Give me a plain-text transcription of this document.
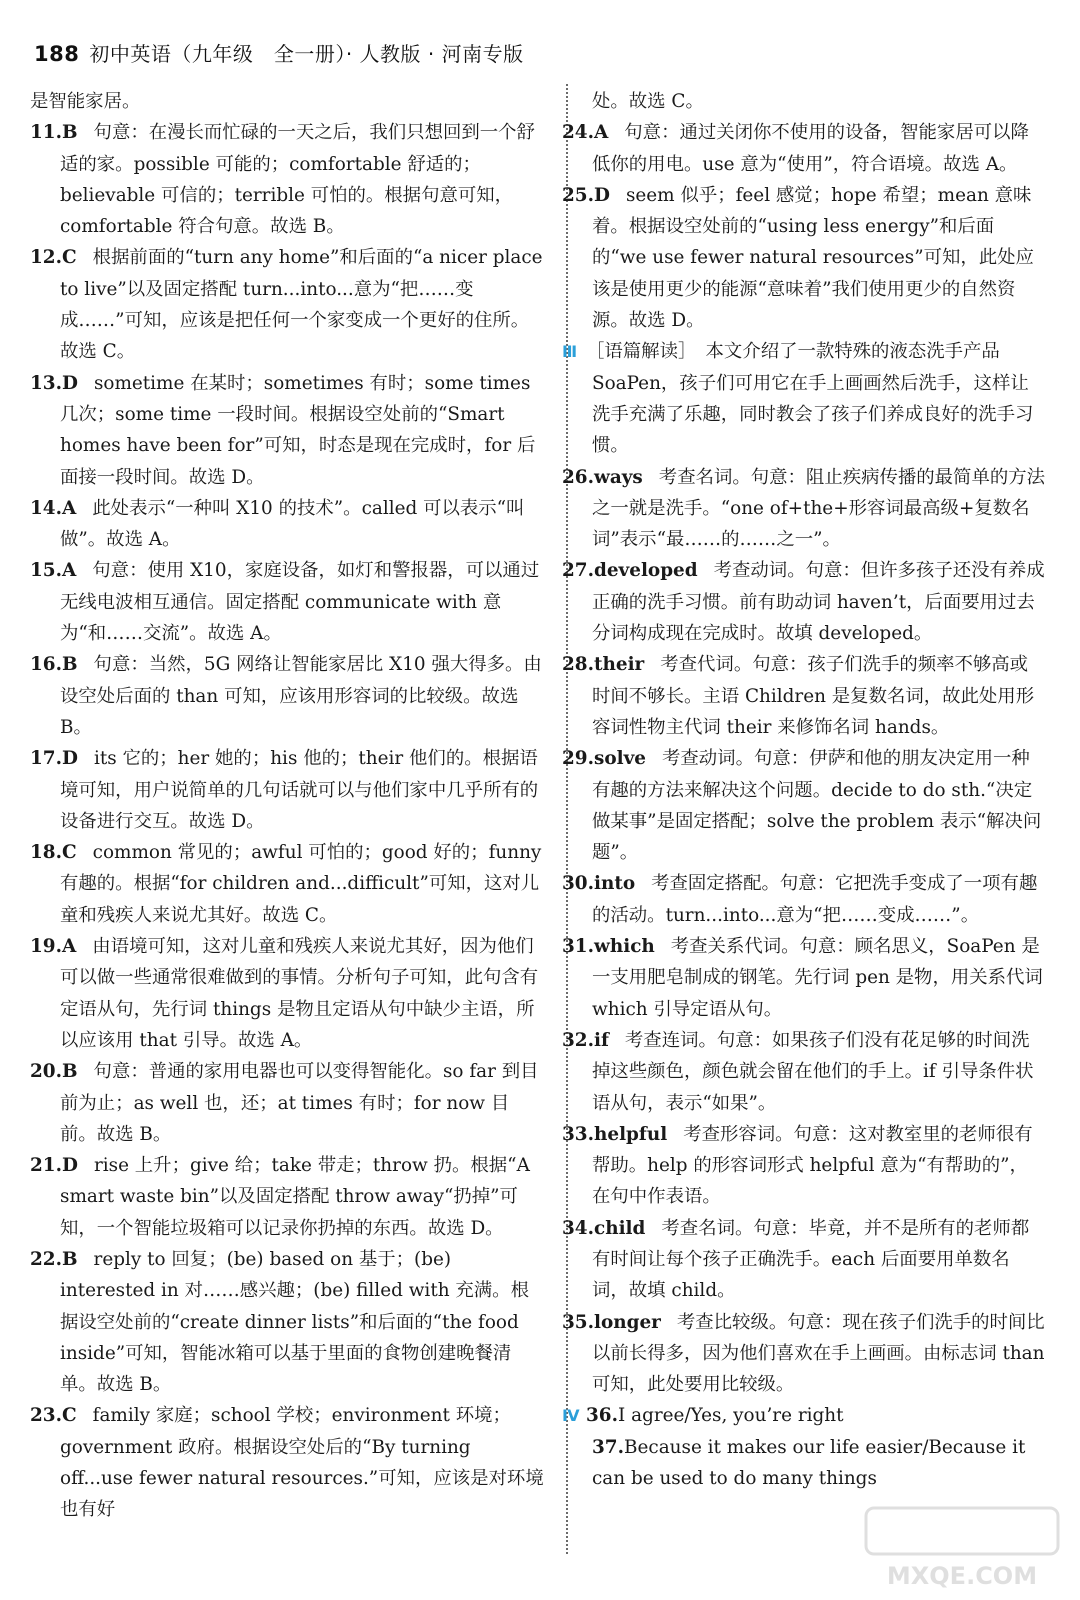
188 初中英语（九年级　全一册）· 人教版 · 河南专版

是智能家居。

11.B 句意：在漫长而忙碌的一天之后，我们只想回到一个舒适的家。possible 可能的；comfortable 舒适的；believable 可信的；terrible 可怕的。根据句意可知，comfortable 符合句意。故选 B。

12.C 根据前面的“turn any home”和后面的“a nicer place to live”以及固定搭配 turn...into...意为“把……变成……”可知，应该是把任何一个家变成一个更好的住所。故选 C。

13.D sometime 在某时；sometimes 有时；some times 几次；some time 一段时间。根据设空处前的“Smart homes have been for”可知，时态是现在完成时，for 后面接一段时间。故选 D。

14.A 此处表示“一种叫 X10 的技术”。called 可以表示“叫做”。故选 A。

15.A 句意：使用 X10，家庭设备，如灯和警报器，可以通过无线电波相互通信。固定搭配 communicate with 意为“和……交流”。故选 A。

16.B 句意：当然，5G 网络让智能家居比 X10 强大得多。由设空处后面的 than 可知，应该用形容词的比较级。故选 B。

17.D its 它的；her 她的；his 他的；their 他们的。根据语境可知，用户说简单的几句话就可以与他们家中几乎所有的设备进行交互。故选 D。

18.C common 常见的；awful 可怕的；good 好的；funny 有趣的。根据“for children and...difficult”可知，这对儿童和残疾人来说尤其好。故选 C。

19.A 由语境可知，这对儿童和残疾人来说尤其好，因为他们可以做一些通常很难做到的事情。分析句子可知，此句含有定语从句，先行词 things 是物且定语从句中缺少主语，所以应该用 that 引导。故选 A。

20.B 句意：普通的家用电器也可以变得智能化。so far 到目前为止；as well 也，还；at times 有时；for now 目前。故选 B。

21.D rise 上升；give 给；take 带走；throw 扔。根据“A smart waste bin”以及固定搭配 throw away“扔掉”可知，一个智能垃圾箱可以记录你扔掉的东西。故选 D。

22.B reply to 回复；(be) based on 基于；(be) interested in 对……感兴趣；(be) filled with 充满。根据设空处前的“create dinner lists”和后面的“the food inside”可知，智能冰箱可以基于里面的食物创建晚餐清单。故选 B。

23.C family 家庭；school 学校；environment 环境；government 政府。根据设空处后的“By turning off...use fewer natural resources.”可知，应该是对环境也有好

处。故选 C。

24.A 句意：通过关闭你不使用的设备，智能家居可以降低你的用电。use 意为“使用”，符合语境。故选 A。

25.D seem 似乎；feel 感觉；hope 希望；mean 意味着。根据设空处前的“using less energy”和后面的“we use fewer natural resources”可知，此处应该是使用更少的能源“意味着”我们使用更少的自然资源。故选 D。

Ⅲ ［语篇解读］　本文介绍了一款特殊的液态洗手产品 SoaPen，孩子们可用它在手上画画然后洗手，这样让洗手充满了乐趣，同时教会了孩子们养成良好的洗手习惯。

26.ways 考查名词。句意：阻止疾病传播的最简单的方法之一就是洗手。“one of+the+形容词最高级+复数名词”表示“最……的……之一”。

27.developed 考查动词。句意：但许多孩子还没有养成正确的洗手习惯。前有助动词 haven’t，后面要用过去分词构成现在完成时。故填 developed。

28.their 考查代词。句意：孩子们洗手的频率不够高或时间不够长。主语 Children 是复数名词，故此处用形容词性物主代词 their 来修饰名词 hands。

29.solve 考查动词。句意：伊萨和他的朋友决定用一种有趣的方法来解决这个问题。decide to do sth.“决定做某事”是固定搭配；solve the problem 表示“解决问题”。

30.into 考查固定搭配。句意：它把洗手变成了一项有趣的活动。turn...into...意为“把……变成……”。

31.which 考查关系代词。句意：顾名思义，SoaPen 是一支用肥皂制成的钢笔。先行词 pen 是物，用关系代词 which 引导定语从句。

32.if 考查连词。句意：如果孩子们没有花足够的时间洗掉这些颜色，颜色就会留在他们的手上。if 引导条件状语从句，表示“如果”。

33.helpful 考查形容词。句意：这对教室里的老师很有帮助。help 的形容词形式 helpful 意为“有帮助的”，在句中作表语。

34.child 考查名词。句意：毕竟，并不是所有的老师都有时间让每个孩子正确洗手。each 后面要用单数名词，故填 child。

35.longer 考查比较级。句意：现在孩子们洗手的时间比以前长得多，因为他们喜欢在手上画画。由标志词 than 可知，此处要用比较级。

Ⅳ 36.I agree/Yes, you’re right

37.Because it makes our life easier/Because it can be used to do many things

MXQE.COM
